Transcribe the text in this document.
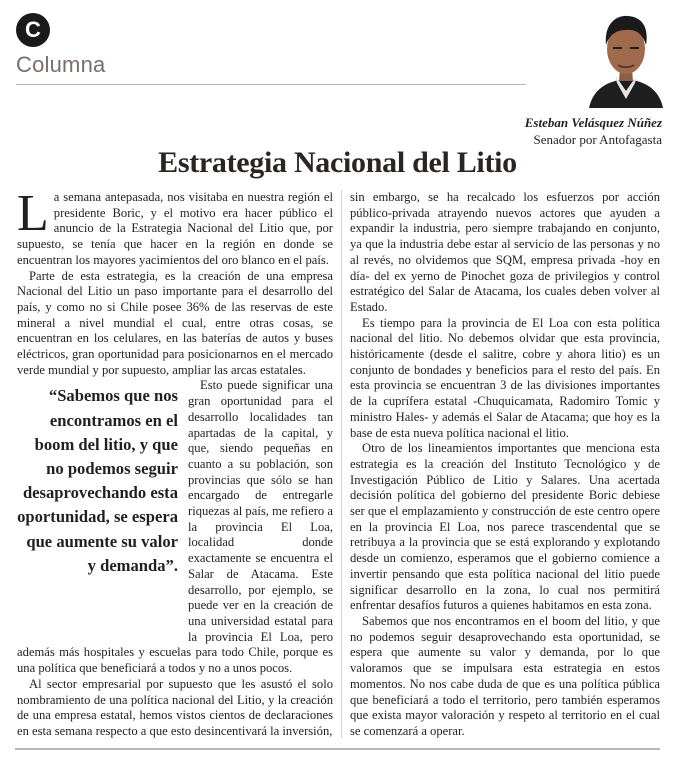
C
Columna
Esteban Velásquez Núñez
Senador por Antofagasta
Estrategia Nacional del Litio

La semana antepasada, nos visitaba en nuestra región el presidente Boric, y el motivo era hacer público el anuncio de la Estrategia Nacional del Litio que, por supuesto, se tenía que hacer en la región en donde se encuentran los mayores yacimientos del oro blanco en el país.

Parte de esta estrategia, es la creación de una empresa Nacional del Litio un paso importante para el desarrollo del país, y como no si Chile posee 36% de las reservas de este mineral a nivel mundial el cual, entre otras cosas, se encuentran en los celulares, en las baterías de autos y buses eléctricos, gran oportunidad para posicionarnos en el mercado verde mundial y por supuesto, ampliar las arcas estatales.

“Sabemos que nos encontramos en el boom del litio, y que no podemos seguir desaprovechando esta oportunidad, se espera que aumente su valor y demanda”.

Esto puede significar una gran oportunidad para el desarrollo localidades tan apartadas de la capital, y que, siendo pequeñas en cuanto a su población, son provincias que sólo se han encargado de entregarle riquezas al país, me refiero a la provincia El Loa, localidad donde exactamente se encuentra el Salar de Atacama. Este desarrollo, por ejemplo, se puede ver en la creación de una universidad estatal para la provincia El Loa, pero además más hospitales y escuelas para todo Chile, porque es una política que beneficiará a todos y no a unos pocos.

Al sector empresarial por supuesto que les asustó el solo nombramiento de una política nacional del Litio, y la creación de una empresa estatal, hemos vistos cientos de declaraciones en esta semana respecto a que esto desincentivará la inversión,

sin embargo, se ha recalcado los esfuerzos por acción público-privada atrayendo nuevos actores que ayuden a expandir la industria, pero siempre trabajando en conjunto, ya que la industria debe estar al servicio de las personas y no al revés, no olvidemos que SQM, empresa privada -hoy en día- del ex yerno de Pinochet goza de privilegios y control estratégico del Salar de Atacama, los cuales deben volver al Estado.

Es tiempo para la provincia de El Loa con esta política nacional del litio. No debemos olvidar que esta provincia, históricamente (desde el salitre, cobre y ahora litio) es un conjunto de bondades y beneficios para el resto del país. En esta provincia se encuentran 3 de las divisiones importantes de la cuprífera estatal -Chuquicamata, Radomiro Tomic y ministro Hales- y además el Salar de Atacama; que hoy es la base de esta nueva política nacional el litio.

Otro de los lineamientos importantes que menciona esta estrategia es la creación del Instituto Tecnológico y de Investigación Público de Litio y Salares. Una acertada decisión política del gobierno del presidente Boric debiese ser que el emplazamiento y construcción de este centro opere en la provincia El Loa, nos parece trascendental que se retribuya a la provincia que se está explorando y explotando desde un comienzo, esperamos que el gobierno comience a invertir pensando que esta política nacional del litio puede significar desarrollo en la zona, lo cual nos permitirá enfrentar desafíos futuros a quienes habitamos en esta zona.

Sabemos que nos encontramos en el boom del litio, y que no podemos seguir desaprovechando esta oportunidad, se espera que aumente su valor y demanda, por lo que valoramos que se impulsara esta estrategia en estos momentos. No nos cabe duda de que es una política pública que beneficiará a todo el territorio, pero también esperamos que exista mayor valoración y respeto al territorio en el cual se comenzará a operar.
